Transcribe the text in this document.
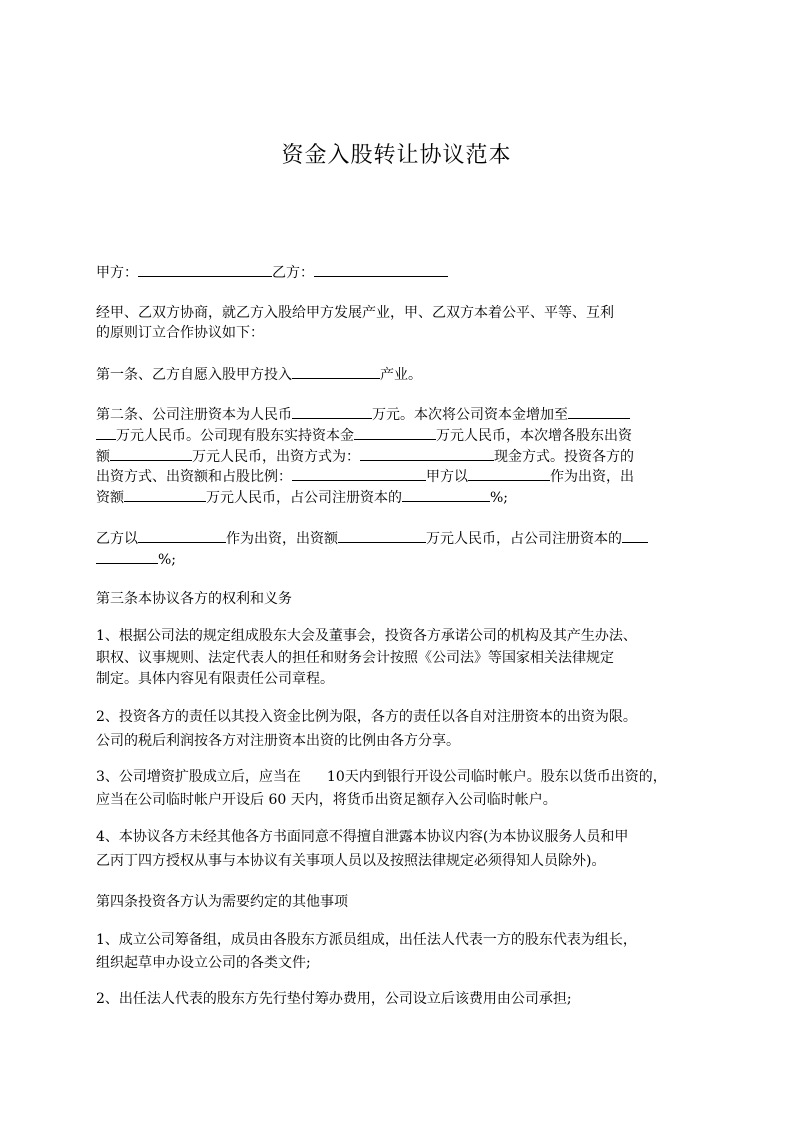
资金入股转让协议范本
甲方：	乙方：
经甲、乙双方协商，就乙方入股给甲方发展产业，甲、乙双方本着公平、平等、互利
的原则订立合作协议如下：
第一条、乙方自愿入股甲方投入	产业。
第二条、公司注册资本为人民币	万元。本次将公司资本金增加至
万元人民币。公司现有股东实持资本金	万元人民币，本次增各股东出资
额	万元人民币，出资方式为：	现金方式。投资各方的
出资方式、出资额和占股比例：	甲方以	作为出资，出
资额	万元人民币，占公司注册资本的	%;
乙方以	作为出资，出资额	万元人民币，占公司注册资本的
%;
第三条本协议各方的权利和义务
1、根据公司法的规定组成股东大会及董事会，投资各方承诺公司的机构及其产生办法、
职权、议事规则、法定代表人的担任和财务会计按照《公司法》等国家相关法律规定
制定。具体内容见有限责任公司章程。
2、投资各方的责任以其投入资金比例为限，各方的责任以各自对注册资本的出资为限。
公司的税后利润按各方对注册资本出资的比例由各方分享。
3、公司增资扩股成立后，应当在 10天内到银行开设公司临时帐户。股东以货币出资的，
应当在公司临时帐户开设后 60 天内，将货币出资足额存入公司临时帐户。
4、本协议各方未经其他各方书面同意不得擅自泄露本协议内容(为本协议服务人员和甲
乙丙丁四方授权从事与本协议有关事项人员以及按照法律规定必须得知人员除外)。
第四条投资各方认为需要约定的其他事项
1、成立公司筹备组，成员由各股东方派员组成，出任法人代表一方的股东代表为组长，
组织起草申办设立公司的各类文件;
2、出任法人代表的股东方先行垫付筹办费用，公司设立后该费用由公司承担;
